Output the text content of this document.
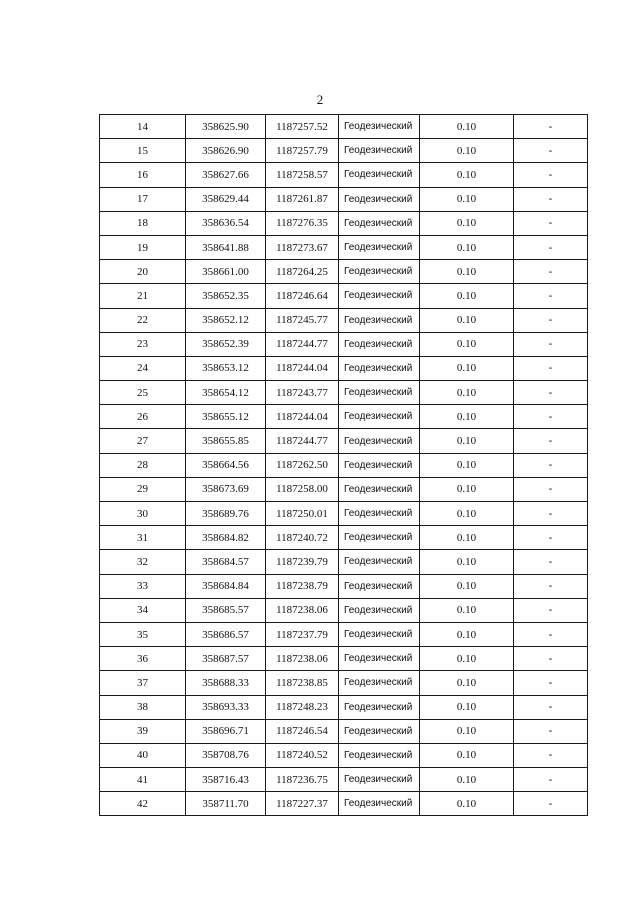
2
14	358625.90	1187257.52	Геодезический	0.10	-
15	358626.90	1187257.79	Геодезический	0.10	-
16	358627.66	1187258.57	Геодезический	0.10	-
17	358629.44	1187261.87	Геодезический	0.10	-
18	358636.54	1187276.35	Геодезический	0.10	-
19	358641.88	1187273.67	Геодезический	0.10	-
20	358661.00	1187264.25	Геодезический	0.10	-
21	358652.35	1187246.64	Геодезический	0.10	-
22	358652.12	1187245.77	Геодезический	0.10	-
23	358652.39	1187244.77	Геодезический	0.10	-
24	358653.12	1187244.04	Геодезический	0.10	-
25	358654.12	1187243.77	Геодезический	0.10	-
26	358655.12	1187244.04	Геодезический	0.10	-
27	358655.85	1187244.77	Геодезический	0.10	-
28	358664.56	1187262.50	Геодезический	0.10	-
29	358673.69	1187258.00	Геодезический	0.10	-
30	358689.76	1187250.01	Геодезический	0.10	-
31	358684.82	1187240.72	Геодезический	0.10	-
32	358684.57	1187239.79	Геодезический	0.10	-
33	358684.84	1187238.79	Геодезический	0.10	-
34	358685.57	1187238.06	Геодезический	0.10	-
35	358686.57	1187237.79	Геодезический	0.10	-
36	358687.57	1187238.06	Геодезический	0.10	-
37	358688.33	1187238.85	Геодезический	0.10	-
38	358693.33	1187248.23	Геодезический	0.10	-
39	358696.71	1187246.54	Геодезический	0.10	-
40	358708.76	1187240.52	Геодезический	0.10	-
41	358716.43	1187236.75	Геодезический	0.10	-
42	358711.70	1187227.37	Геодезический	0.10	-
